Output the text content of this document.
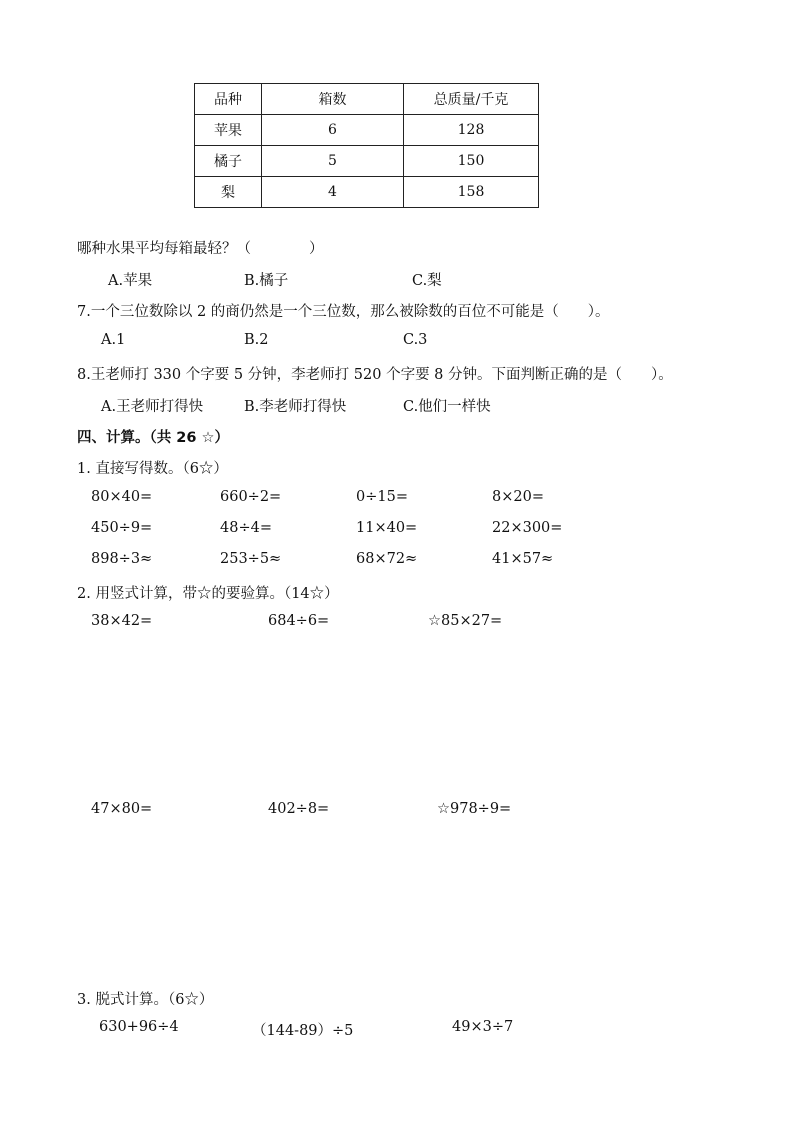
品种	箱数	总质量/千克
苹果	6	128
橘子	5	150
梨	4	158
哪种水果平均每箱最轻？（　　　　）
A.苹果	B.橘子	C.梨
7.一个三位数除以 2 的商仍然是一个三位数，那么被除数的百位不可能是（　　）。
A.1	B.2	C.3
8.王老师打 330 个字要 5 分钟，李老师打 520 个字要 8 分钟。下面判断正确的是（　　）。
A.王老师打得快	B.李老师打得快	C.他们一样快
四、计算。（共 26 ☆）
1. 直接写得数。（6☆）
80×40=	660÷2=	0÷15=	8×20=
450÷9=	48÷4=	11×40=	22×300=
898÷3≈	253÷5≈	68×72≈	41×57≈
2. 用竖式计算，带☆的要验算。（14☆）
38×42=	684÷6=	☆85×27=
47×80=	402÷8=	☆978÷9=
3. 脱式计算。（6☆）
630+96÷4	（144-89）÷5	49×3÷7
